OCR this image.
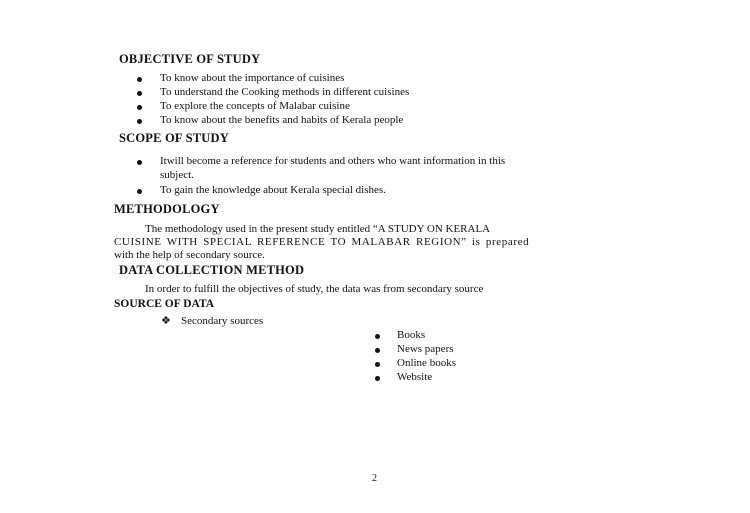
OBJECTIVE OF STUDY
To know about the importance of cuisines
To understand the Cooking methods in different cuisines
To explore the concepts of Malabar cuisine
To know about the benefits and habits of Kerala people
SCOPE OF STUDY
Itwill become a reference for students and others who want information in this
subject.
To gain the knowledge about Kerala special dishes.
METHODOLOGY
The methodology used in the present study entitled “A STUDY ON KERALA
CUISINE WITH SPECIAL REFERENCE TO MALABAR REGION” is prepared
with the help of secondary source.
DATA COLLECTION METHOD
In order to fulfill the objectives of study, the data was from secondary source
SOURCE OF DATA
❖ Secondary sources
Books
News papers
Online books
Website
2
